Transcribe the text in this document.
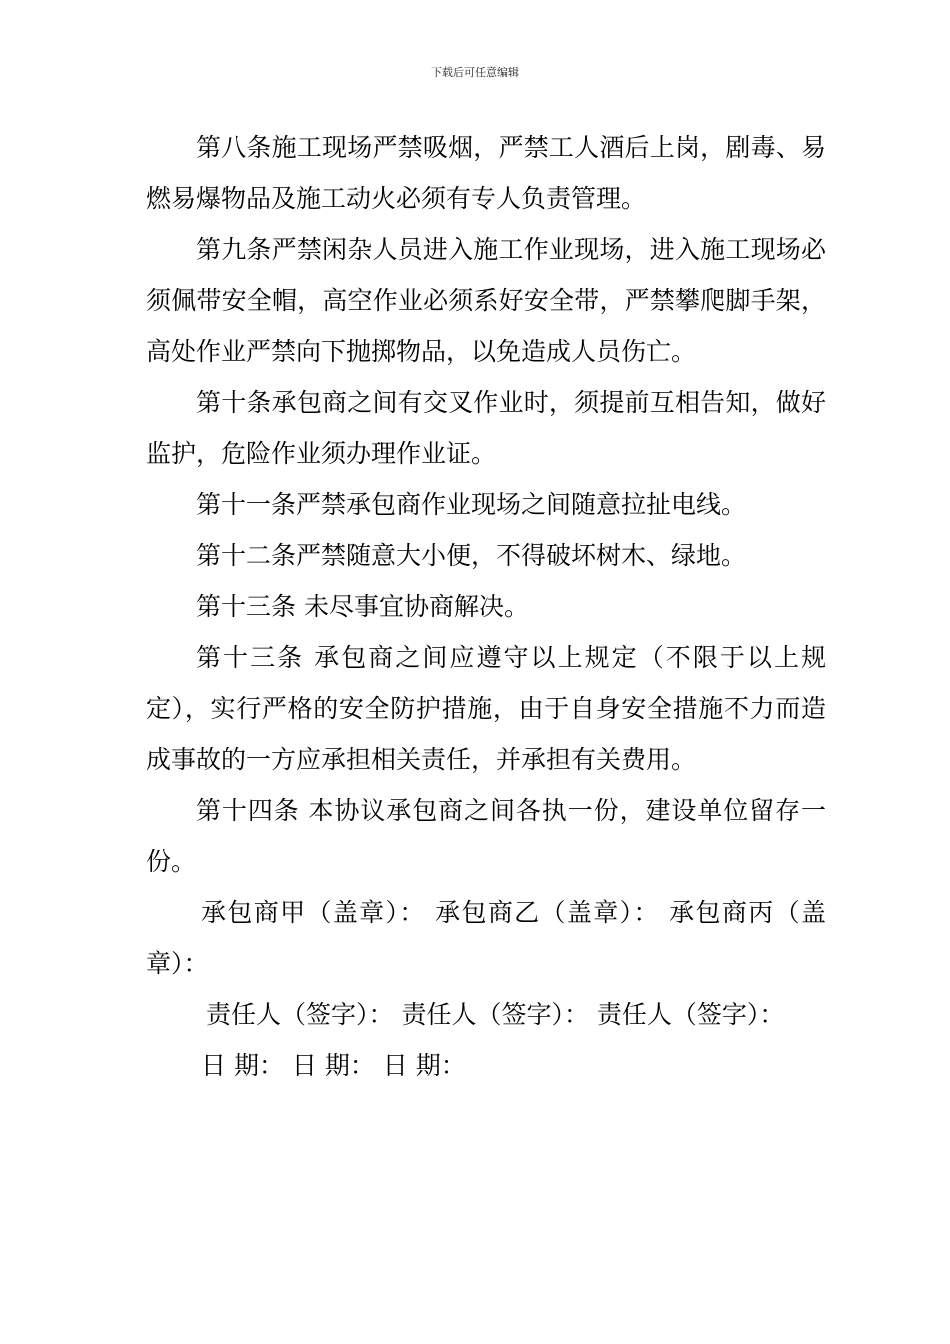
下载后可任意编辑

第八条施工现场严禁吸烟，严禁工人酒后上岗，剧毒、易燃易爆物品及施工动火必须有专人负责管理。

第九条严禁闲杂人员进入施工作业现场，进入施工现场必须佩带安全帽，高空作业必须系好安全带，严禁攀爬脚手架，高处作业严禁向下抛掷物品，以免造成人员伤亡。

第十条承包商之间有交叉作业时，须提前互相告知，做好监护，危险作业须办理作业证。

第十一条严禁承包商作业现场之间随意拉扯电线。

第十二条严禁随意大小便，不得破坏树木、绿地。

第十三条 未尽事宜协商解决。

第十三条 承包商之间应遵守以上规定（不限于以上规定），实行严格的安全防护措施，由于自身安全措施不力而造成事故的一方应承担相关责任，并承担有关费用。

第十四条 本协议承包商之间各执一份，建设单位留存一份。

承包商甲（盖章）： 承包商乙（盖章）： 承包商丙（盖章）：

责任人（签字）： 责任人（签字）： 责任人（签字）：

日 期： 日 期： 日 期：
